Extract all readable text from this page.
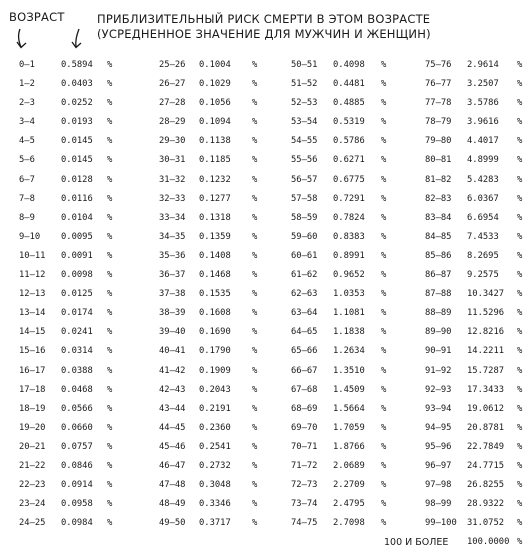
ВОЗРАСТ	ПРИБЛИЗИТЕЛЬНЫЙ РИСК СМЕРТИ В ЭТОМ ВОЗРАСТЕ
(УСРЕДНЕННОЕ ЗНАЧЕНИЕ ДЛЯ МУЖЧИН И ЖЕНЩИН)
0–1	0.5894 %
1–2	0.0403 %
2–3	0.0252 %
3–4	0.0193 %
4–5	0.0145 %
5–6	0.0145 %
6–7	0.0128 %
7–8	0.0116 %
8–9	0.0104 %
9–10 0.0095 %
10–11 0.0091 %
11–12 0.0098 %
12–13 0.0125 %
13–14 0.0174 %
14–15 0.0241 %
15–16 0.0314 %
16–17 0.0388 %
17–18 0.0468 %
18–19 0.0566 %
19–20 0.0660 %
20–21 0.0757 %
21–22 0.0846 %
22–23 0.0914 %
23–24 0.0958 %
24–25 0.0984 %
25–26 0.1004 %
26–27 0.1029 %
27–28 0.1056 %
28–29 0.1094 %
29–30 0.1138 %
30–31 0.1185 %
31–32 0.1232 %
32–33 0.1277 %
33–34 0.1318 %
34–35 0.1359 %
35–36 0.1408 %
36–37 0.1468 %
37–38 0.1535 %
38–39 0.1608 %
39–40 0.1690 %
40–41 0.1790 %
41–42 0.1909 %
42–43 0.2043 %
43–44 0.2191 %
44–45 0.2360 %
45–46 0.2541 %
46–47 0.2732 %
47–48 0.3048 %
48–49 0.3346 %
49–50 0.3717 %
50–51 0.4098 %
51–52 0.4481 %
52–53 0.4885 %
53–54 0.5319 %
54–55 0.5786 %
55–56 0.6271 %
56–57 0.6775 %
57–58 0.7291 %
58–59 0.7824 %
59–60 0.8383 %
60–61 0.8991 %
61–62 0.9652 %
62–63 1.0353 %
63–64 1.1081 %
64–65 1.1838 %
65–66 1.2634 %
66–67 1.3510 %
67–68 1.4509 %
68–69 1.5664 %
69–70 1.7059 %
70–71 1.8766 %
71–72 2.0689 %
72–73 2.2709 %
73–74 2.4795 %
74–75 2.7098 %
75–76 2.9614 %
76–77 3.2507 %
77–78 3.5786 %
78–79 3.9616 %
79–80 4.4017 %
80–81 4.8999 %
81–82 5.4283 %
82–83 6.0367 %
83–84 6.6954 %
84–85 7.4533 %
85–86 8.2695 %
86–87 9.2575 %
87–88 10.3427 %
88–89 11.5296 %
89–90 12.8216 %
90–91 14.2211 %
91–92 15.7287 %
92–93 17.3433 %
93–94 19.0612 %
94–95 20.8781 %
95–96 22.7849 %
96–97 24.7715 %
97–98 26.8255 %
98–99 28.9322 %
99–100 31.0752 %
100 И БОЛЕЕ 100.0000 %
